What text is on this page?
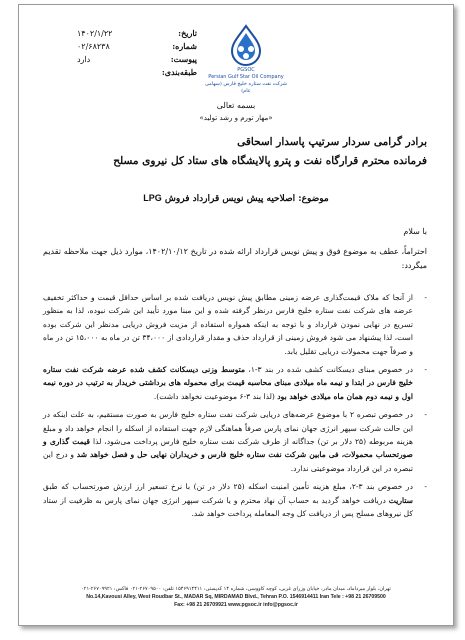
تاریخ:
۱۴۰۲/۱/۲۲
شماره:
۰۲/۶۸۲۳۸
پیوست:
دارد
طبقه‌بندی:	PGSOC
Persian Gulf Star Oil Company
شرکت نفت ستاره خلیج فارس (سهامی عام)
بسمه تعالی
«مهار تورم و رشد تولید»
برادر گرامی سردار سرتیپ پاسدار اسحاقی
فرمانده محترم قرارگاه نفت و پترو پالایشگاه های ستاد کل نیروی مسلح
موضوع: اصلاحیه پیش نویس قرارداد فروش LPG
با سلام
احتراماً، عطف به موضوع فوق و پیش نویس قرارداد ارائه شده در تاریخ ۱۴۰۲/۱۰/۱۲، موارد ذیل جهت ملاحظه تقدیم میگردد:
-
از آنجا که ملاک قیمت‌گذاری عرضه زمینی مطابق پیش نویس دریافت شده بر اساس حداقل قیمت و حداکثر تخفیف عرضه های شرکت نفت ستاره خلیج فارس درنظر گرفته شده و این مبنا مورد تأیید این شرکت نبوده، لذا به منظور تسریع در نهایی نمودن قرارداد و با توجه به اینکه همواره استفاده از مزیت فروش دریایی مدنظر این شرکت بوده است، لذا پیشنهاد می شود فروش زمینی از قرارداد حذف و مقدار قراردادی از ۳۴،۰۰۰ تن در ماه به ۱۵،۰۰۰ تن در ماه و صرفاً جهت محمولات دریایی تقلیل یابد.
-
در خصوص مبنای دیسکانت کشف شده در بند ۳-۱، متوسط وزنی دیسکانت کشف شده عرضه شرکت نفت ستاره خلیج فارس در ابتدا و نیمه ماه میلادی مبنای محاسبه قیمت برای محموله های برداشتی خریدار به ترتیب در دوره نیمه اول و نیمه دوم همان ماه میلادی خواهد بود (لذا بند ۳-۶ موضوعیت نخواهد داشت).
-
در خصوص تبصره ۲ با موضوع عرضه‌های دریایی شرکت نفت ستاره خلیج فارس به صورت مستقیم، به علت اینکه در این حالت شرکت سپهر انرژی جهان نمای پارس صرفاً هماهنگی لازم جهت استفاده از اسکله را انجام خواهد داد و مبلغ هزینه مربوطه (۲۵ دلار بر تن) جداگانه از طرف شرکت نفت ستاره خلیج فارس پرداخت می‌شود، لذا قیمت گذاری و صورتحساب محمولات، فی مابین شرکت نفت ستاره خلیج فارس و خریداران نهایی حل و فصل خواهد شد و درج این تبصره در این قرارداد موضوعیتی ندارد.
-
در خصوص بند ۳-۲، مبلغ هزینه تأمین امنیت اسکله (۲۵ دلار در تن) با نرخ تسعیر ارز ارزش صورتحساب که طبق ستاریت دریافت خواهد گردید به حساب آن نهاد محترم و یا شرکت سپهر انرژی جهان نمای پارس به ظرفیت از ستاد کل نیروهای مسلح پس از دریافت کل وجه المعامله پرداخت خواهد شد.
تهران، بلوار میرداماد، میدان مادر، خیابان وزرای غربی، کوچه کاووسی، شماره ۱۴ کدپستی: ۱۵۴۶۹۱۴۴۱۱ تلفن: ۲۶۷۰۹۵۰۰-۰۲۱ فاکس: ۲۶۷۰۹۹۲۱-۰۲۱
No.14,Kavousi Alley, West Roudbar St., MADAR Sq, MIRDAMAD Blvd., Tehran P.O. 1546914411 Iran Tele : +98 21 26709500
Fax: +98 21 26709921 www.pgsoc.ir info@pgsoc.ir
